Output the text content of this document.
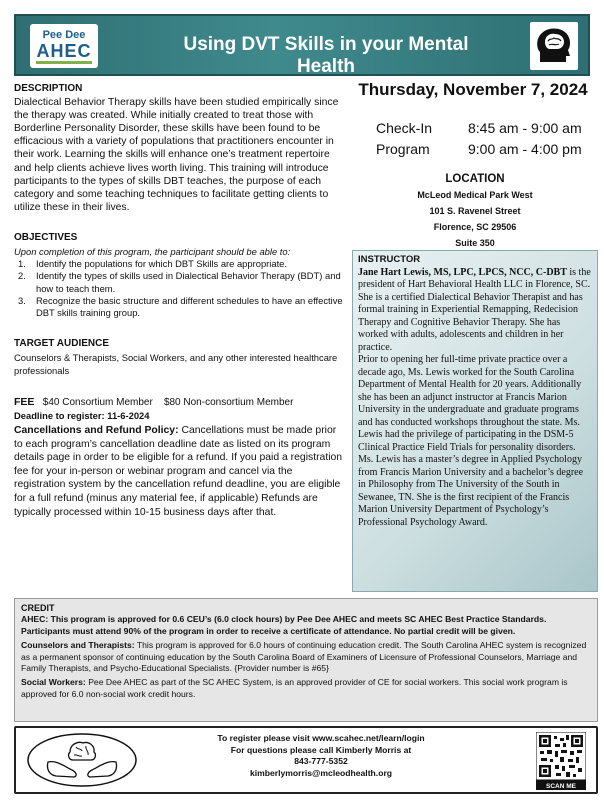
Pee Dee
AHEC	Using DVT Skills in your Mental Health
DESCRIPTION
Dialectical Behavior Therapy skills have been studied empirically since the therapy was created. While initially created to treat those with Borderline Personality Disorder, these skills have been found to be efficacious with a variety of populations that practitioners encounter in their work. Learning the skills will enhance one’s treatment repertoire and help clients achieve lives worth living. This training will introduce participants to the types of skills DBT teaches, the purpose of each category and some teaching techniques to facilitate getting clients to utilize these in their lives.
OBJECTIVES
Upon completion of this program, the participant should be able to:
1. Identify the populations for which DBT Skills are appropriate.
2. Identify the types of skills used in Dialectical Behavior Therapy (BDT) and how to teach them.
3. Recognize the basic structure and different schedules to have an effective DBT skills training group.
TARGET AUDIENCE
Counselors & Therapists, Social Workers, and any other interested healthcare professionals
FEE $40 Consortium Member $80 Non-consortium Member
Deadline to register: 11-6-2024
Cancellations and Refund Policy: Cancellations must be made prior to each program’s cancellation deadline date as listed on its program details page in order to be eligible for a refund. If you paid a registration fee for your in-person or webinar program and cancel via the registration system by the cancellation refund deadline, you are eligible for a full refund (minus any material fee, if applicable) Refunds are typically processed within 10-15 business days after that.
Thursday, November 7, 2024
Check-In	8:45 am - 9:00 am
Program	9:00 am - 4:00 pm
LOCATION
McLeod Medical Park West
101 S. Ravenel Street
Florence, SC 29506
Suite 350
INSTRUCTOR
Jane Hart Lewis, MS, LPC, LPCS, NCC, C-DBT is the president of Hart Behavioral Health LLC in Florence, SC. She is a certified Dialectical Behavior Therapist and has formal training in Experiential Remapping, Redecision Therapy and Cognitive Behavior Therapy. She has worked with adults, adolescents and children in her practice.
Prior to opening her full-time private practice over a decade ago, Ms. Lewis worked for the South Carolina Department of Mental Health for 20 years. Additionally she has been an adjunct instructor at Francis Marion University in the undergraduate and graduate programs and has conducted workshops throughout the state. Ms. Lewis had the privilege of participating in the DSM-5 Clinical Practice Field Trials for personality disorders.
Ms. Lewis has a master’s degree in Applied Psychology from Francis Marion University and a bachelor’s degree in Philosophy from The University of the South in Sewanee, TN. She is the first recipient of the Francis Marion University Department of Psychology’s Professional Psychology Award.
CREDIT

AHEC: This program is approved for 0.6 CEU’s (6.0 clock hours) by Pee Dee AHEC and meets SC AHEC Best Practice Standards. Participants must attend 90% of the program in order to receive a certificate of attendance. No partial credit will be given.

Counselors and Therapists: This program is approved for 6.0 hours of continuing education credit. The South Carolina AHEC system is recognized as a permanent sponsor of continuing education by the South Carolina Board of Examiners of Licensure of Professional Counselors, Marriage and Family Therapists, and Psycho-Educational Specialists. {Provider number is #65}

Social Workers: Pee Dee AHEC as part of the SC AHEC System, is an approved provider of CE for social workers. This social work program is approved for 6.0 non-social work credit hours.

To register please visit www.scahec.net/learn/login
For questions please call Kimberly Morris at
843-777-5352
kimberlymorris@mcleodhealth.org
SCAN ME
